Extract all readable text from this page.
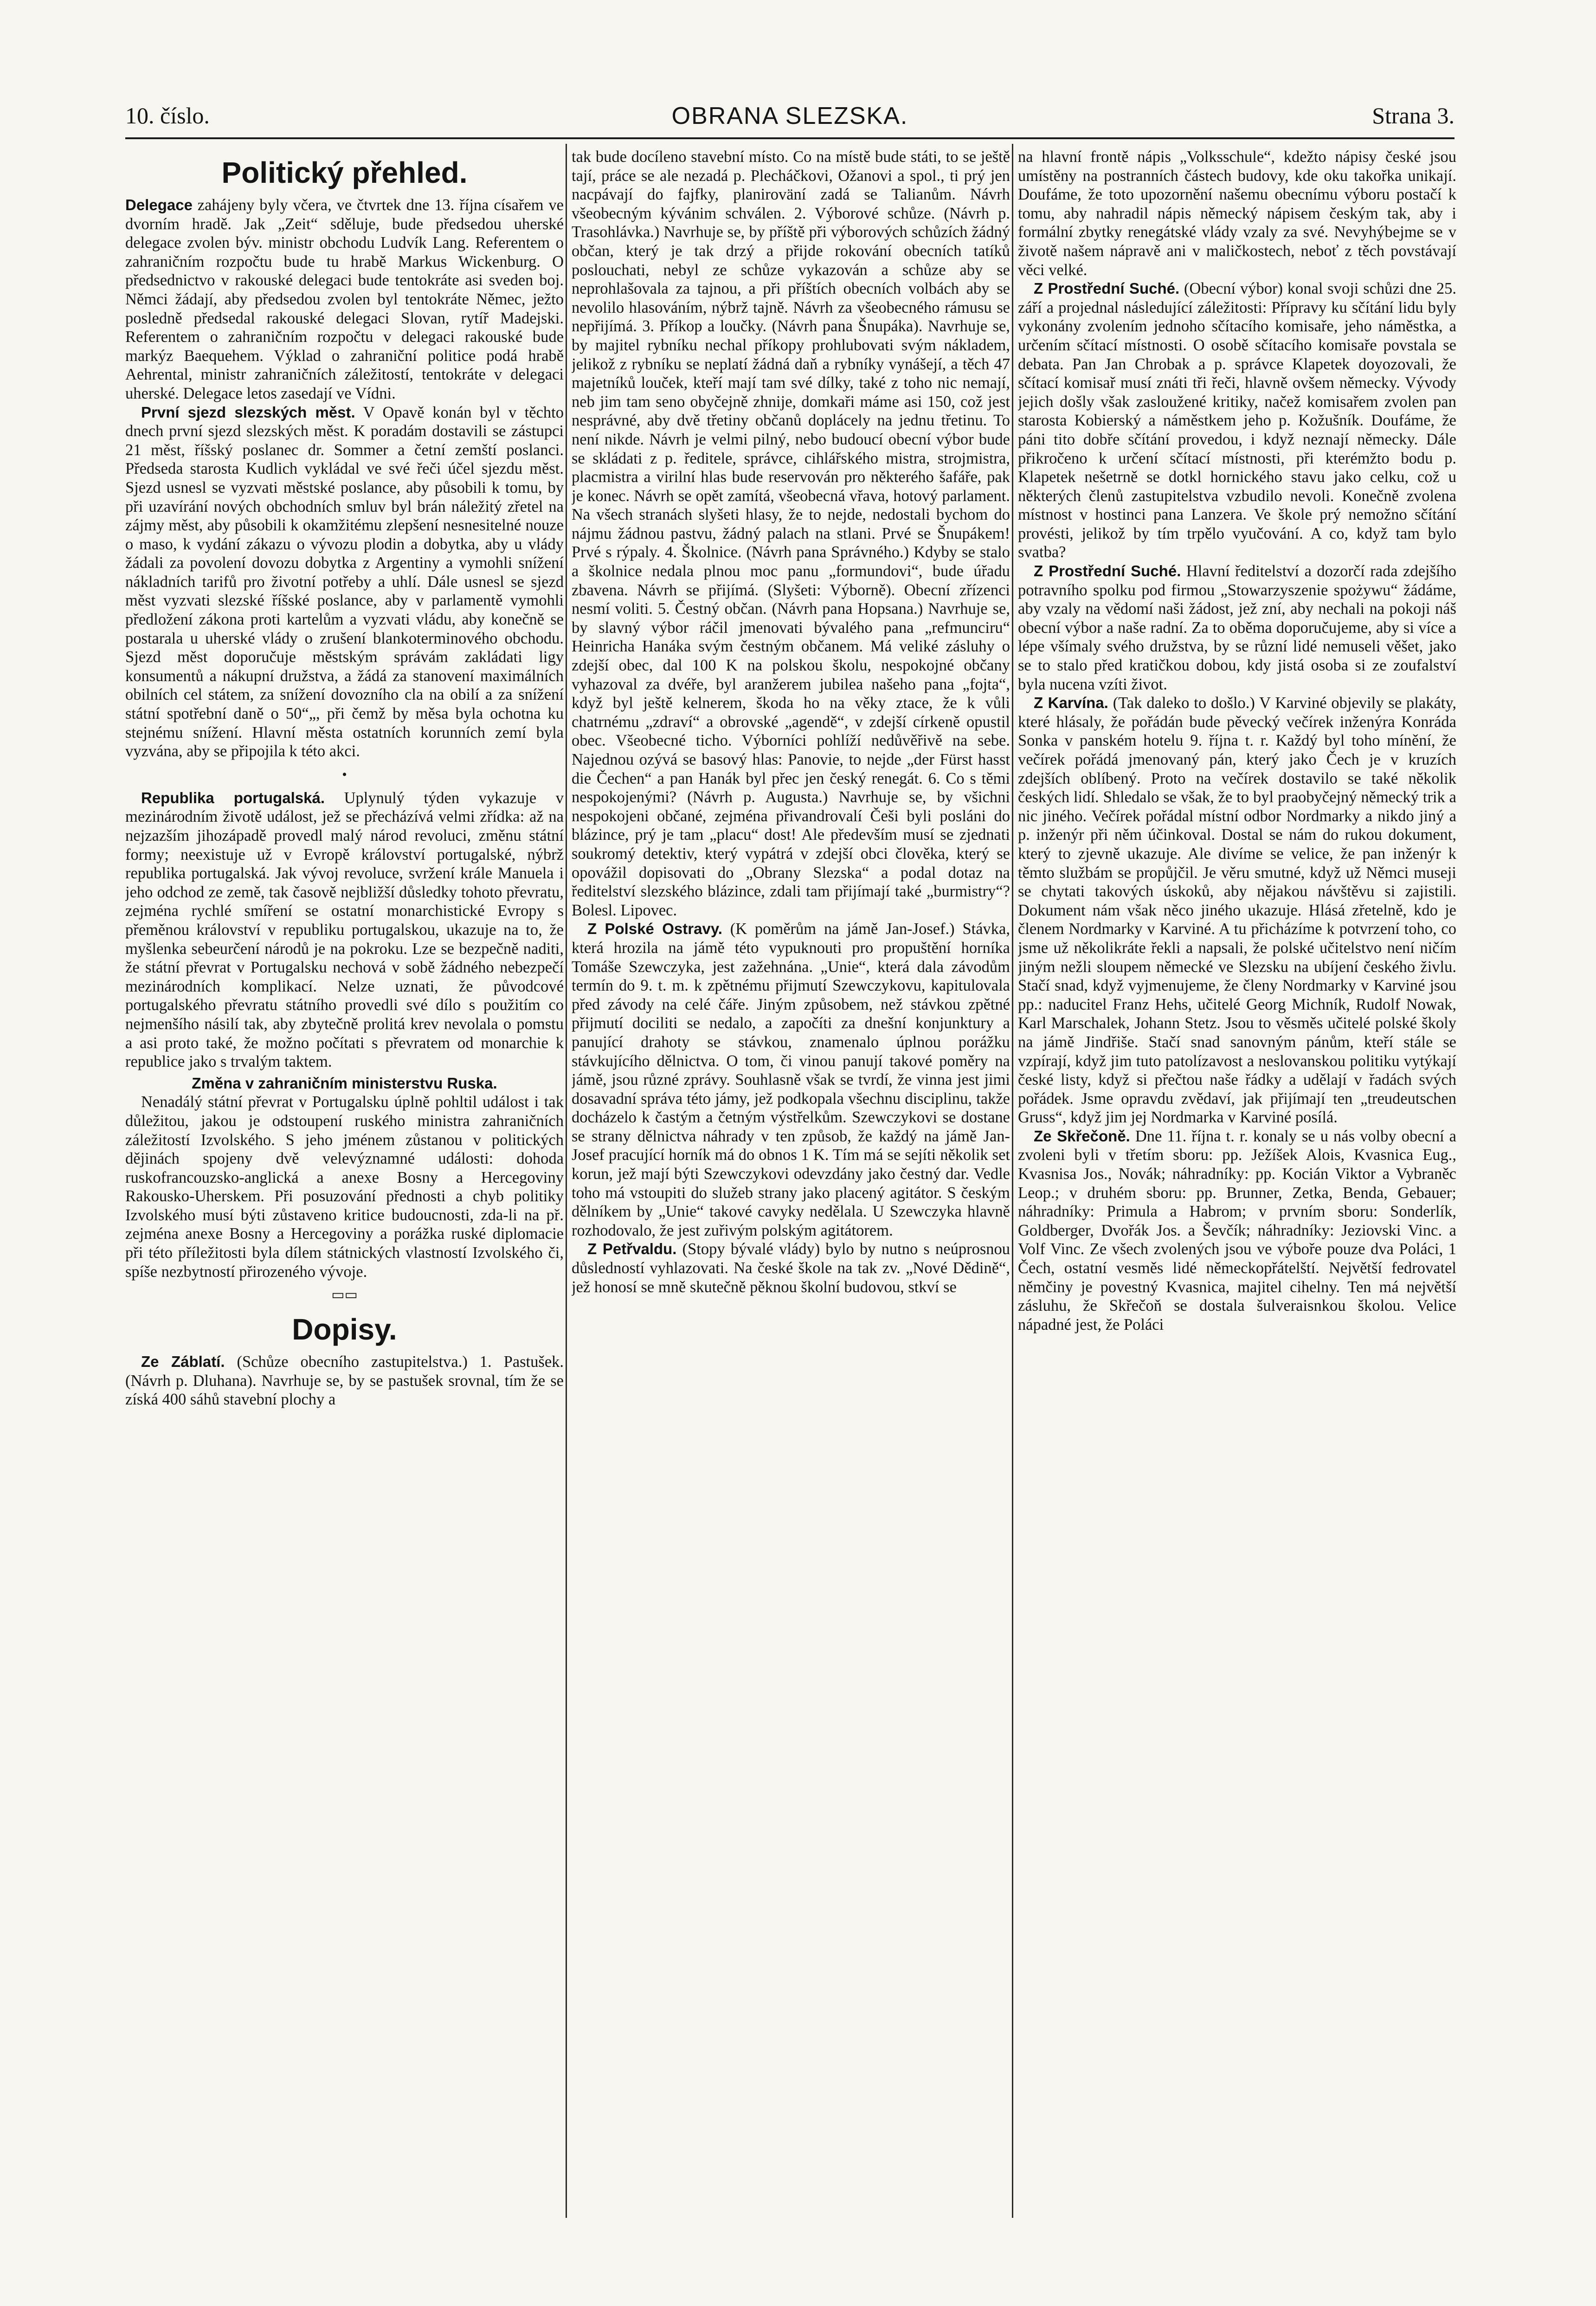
10. číslo.	OBRANA SLEZSKA.	Strana 3.
Politický přehled.

Delegace zahájeny byly včera, ve čtvrtek dne 13. října císařem ve dvorním hradě. Jak „Zeit“ sděluje, bude předsedou uherské delegace zvolen býv. ministr obchodu Ludvík Lang. Referentem o zahraničním rozpočtu bude tu hrabě Markus Wickenburg. O předsednictvo v rakouské delegaci bude tentokráte asi sveden boj. Němci žádají, aby předsedou zvolen byl tentokráte Němec, ježto posledně předsedal rakouské delegaci Slovan, rytíř Madejski. Referentem o zahraničním rozpočtu v delegaci rakouské bude markýz Baequehem. Výklad o zahraniční politice podá hrabě Aehrental, ministr zahraničních záležitostí, tentokráte v delegaci uherské. Delegace letos zasedají ve Vídni.

První sjezd slezských měst. V Opavě konán byl v těchto dnech první sjezd slezských měst. K poradám dostavili se zástupci 21 měst, říšský poslanec dr. Sommer a četní zemští poslanci. Předseda starosta Kudlich vykládal ve své řeči účel sjezdu měst. Sjezd usnesl se vyzvati městské poslance, aby působili k tomu, by při uzavírání nových obchodních smluv byl brán náležitý zřetel na zájmy měst, aby působili k okamžitému zlepšení nesnesitelné nouze o maso, k vydání zákazu o vývozu plodin a dobytka, aby u vlády žádali za povolení dovozu dobytka z Argentiny a vymohli snížení nákladních tarifů pro životní potřeby a uhlí. Dále usnesl se sjezd měst vyzvati slezské říšské poslance, aby v parlamentě vymohli předložení zákona proti kartelům a vyzvati vládu, aby konečně se postarala u uherské vlády o zrušení blankoterminového obchodu. Sjezd měst doporučuje městským správám zakládati ligy konsumentů a nákupní družstva, a žádá za stanovení maximálních obilních cel státem, za snížení dovozního cla na obilí a za snížení státní spotřební daně o 50“„, při čemž by měsa byla ochotna ku stejnému snížení. Hlavní města ostatních korunních zemí byla vyzvána, aby se připojila k této akci.

•

Republika portugalská. Uplynulý týden vykazuje v mezinárodním životě událost, jež se přecházívá velmi zřídka: až na nejzazším jihozápadě provedl malý národ revoluci, změnu státní formy; neexistuje už v Evropě království portugalské, nýbrž republika portugalská. Jak vývoj revoluce, svržení krále Manuela i jeho odchod ze země, tak časově nejbližší důsledky tohoto převratu, zejména rychlé smíření se ostatní monarchistické Evropy s přeměnou království v republiku portugalskou, ukazuje na to, že myšlenka sebeurčení národů je na pokroku. Lze se bezpečně naditi, že státní převrat v Portugalsku nechová v sobě žádného nebezpečí mezinárodních komplikací. Nelze uznati, že původcové portugalského převratu státního provedli své dílo s použitím co nejmenšího násilí tak, aby zbytečně prolitá krev nevolala o pomstu a asi proto také, že možno počítati s převratem od monarchie k republice jako s trvalým taktem.

Změna v zahraničním ministerstvu Ruska.

Nenadálý státní převrat v Portugalsku úplně pohltil událost i tak důležitou, jakou je odstoupení ruského ministra zahraničních záležitostí Izvolského. S jeho jménem zůstanou v politických dějinách spojeny dvě velevýznamné události: dohoda ruskofrancouzsko-anglická a anexe Bosny a Hercegoviny Rakousko-Uherskem. Při posuzování přednosti a chyb politiky Izvolského musí býti zůstaveno kritice budoucnosti, zda-li na př. zejména anexe Bosny a Hercegoviny a porážka ruské diplomacie při této příležitosti byla dílem státnických vlastností Izvolského či, spíše nezbytností přirozeného vývoje.

▭▭
Dopisy.

Ze Záblatí. (Schůze obecního zastupitelstva.) 1. Pastušek. (Návrh p. Dluhana). Navrhuje se, by se pastušek srovnal, tím že se získá 400 sáhů stavební plochy a

tak bude docíleno stavební místo. Co na místě bude státi, to se ještě tají, práce se ale nezadá p. Plecháčkovi, Ožanovi a spol., ti prý jen nacpávají do fajfky, planiroväní zadá se Talianům. Návrh všeobecným kývánim schválen. 2. Výborové schůze. (Návrh p. Trasohlávka.) Navrhuje se, by příště při výborových schůzích žádný občan, který je tak drzý a přijde rokování obecních tatíků poslouchati, nebyl ze schůze vykazován a schůze aby se neprohlašovala za tajnou, a při příštích obecních volbách aby se nevolilo hlasováním, nýbrž tajně. Návrh za všeobecného rámusu se nepřijímá. 3. Příkop a loučky. (Návrh pana Šnupáka). Navrhuje se, by majitel rybníku nechal příkopy prohlubovati svým nákladem, jelikož z rybníku se neplatí žádná daň a rybníky vynášejí, a těch 47 majetníků louček, kteří mají tam své dílky, také z toho nic nemají, neb jim tam seno obyčejně zhnije, domkaři máme asi 150, což jest nesprávné, aby dvě třetiny občanů doplácely na jednu třetinu. To není nikde. Návrh je velmi pilný, nebo budoucí obecní výbor bude se skládati z p. ředitele, správce, cihlářského mistra, strojmistra, placmistra a virilní hlas bude reservován pro některého šafáře, pak je konec. Návrh se opět zamítá, všeobecná vřava, hotový parlament. Na všech stranách slyšeti hlasy, že to nejde, nedostali bychom do nájmu žádnou pastvu, žádný palach na stlani. Prvé se Šnupákem! Prvé s rýpaly. 4. Školnice. (Návrh pana Správného.) Kdyby se stalo a školnice nedala plnou moc panu „formundovi“, bude úřadu zbavena. Návrh se přijímá. (Slyšeti: Výborně). Obecní zřízenci nesmí voliti. 5. Čestný občan. (Návrh pana Hopsana.) Navrhuje se, by slavný výbor ráčil jmenovati bývalého pana „refmunciru“ Heinricha Hanáka svým čestným občanem. Má veliké zásluhy o zdejší obec, dal 100 K na polskou školu, nespokojné občany vyhazoval za dvéře, byl aranžerem jubilea našeho pana „fojta“, když byl ještě kelnerem, škoda ho na věky ztace, že k vůli chatrnému „zdraví“ a obrovské „agendě“, v zdejší církeně opustil obec. Všeobecné ticho. Výborníci pohlíží nedůvěřivě na sebe. Najednou ozývá se basový hlas: Panovie, to nejde „der Fürst hasst die Čechen“ a pan Hanák byl přec jen český renegát. 6. Co s těmi nespokojenými? (Návrh p. Augusta.) Navrhuje se, by všichni nespokojeni občané, zejména přivandrovalí Češi byli posláni do blázince, prý je tam „placu“ dost! Ale především musí se zjednati soukromý detektiv, který vypátrá v zdejší obci člověka, který se opovážil dopisovati do „Obrany Slezska“ a podal dotaz na ředitelství slezského blázince, zdali tam přijímají také „burmistry“? Bolesl. Lipovec.

Z Polské Ostravy. (K poměrům na jámě Jan-Josef.) Stávka, která hrozila na jámě této vypuknouti pro propuštění horníka Tomáše Szewczyka, jest zažehnána. „Unie“, která dala závodům termín do 9. t. m. k zpětnému přijmutí Szewczykovu, kapitulovala před závody na celé čáře. Jiným způsobem, než stávkou zpětné přijmutí dociliti se nedalo, a započíti za dnešní konjunktury a panující drahoty se stávkou, znamenalo úplnou porážku stávkujícího dělnictva. O tom, či vinou panují takové poměry na jámě, jsou různé zprávy. Souhlasně však se tvrdí, že vinna jest jimi dosavadní správa této jámy, jež podkopala všechnu disciplinu, takže docházelo k častým a četným výstřelkům. Szewczykovi se dostane se strany dělnictva náhrady v ten způsob, že každý na jámě Jan-Josef pracující horník má do obnos 1 K. Tím má se sejíti několik set korun, jež mají býti Szewczykovi odevzdány jako čestný dar. Vedle toho má vstoupiti do služeb strany jako placený agitátor. S českým dělníkem by „Unie“ takové cavyky nedělala. U Szewczyka hlavně rozhodovalo, že jest zuřivým polským agitátorem.

Z Petřvaldu. (Stopy bývalé vlády) bylo by nutno s neúprosnou důsledností vyhlazovati. Na české škole na tak zv. „Nové Dědině“, jež honosí se mně skutečně pěknou školní budovou, stkví se

na hlavní frontě nápis „Volksschule“, kdežto nápisy české jsou umístěny na postranních částech budovy, kde oku takořka unikají. Doufáme, že toto upozornění našemu obecnímu výboru postačí k tomu, aby nahradil nápis německý nápisem českým tak, aby i formální zbytky renegátské vlády vzaly za své. Nevyhýbejme se v životě našem nápravě ani v maličkostech, neboť z těch povstávají věci velké.

Z Prostřední Suché. (Obecní výbor) konal svoji schůzi dne 25. září a projednal následující záležitosti: Přípravy ku sčítání lidu byly vykonány zvolením jednoho sčítacího komisaře, jeho náměstka, a určením sčítací místnosti. O osobě sčítacího komisaře povstala se debata. Pan Jan Chrobak a p. správce Klapetek doyozovali, že sčítací komisař musí znáti tři řeči, hlavně ovšem německy. Vývody jejich došly však zasloužené kritiky, načež komisařem zvolen pan starosta Kobierský a náměstkem jeho p. Kožušník. Doufáme, že páni tito dobře sčítání provedou, i když neznají německy. Dále přikročeno k určení sčítací místnosti, při kterémžto bodu p. Klapetek nešetrně se dotkl hornického stavu jako celku, což u některých členů zastupitelstva vzbudilo nevoli. Konečně zvolena místnost v hostinci pana Lanzera. Ve škole prý nemožno sčítání provésti, jelikož by tím trpělo vyučování. A co, když tam bylo svatba?

Z Prostřední Suché. Hlavní ředitelství a dozorčí rada zdejšího potravního spolku pod firmou „Stowarzyszenie spożywu“ žádáme, aby vzaly na vědomí naši žádost, jež zní, aby nechali na pokoji náš obecní výbor a naše radní. Za to oběma doporučujeme, aby si více a lépe všímaly svého družstva, by se různí lidé nemuseli věšet, jako se to stalo před kratičkou dobou, kdy jistá osoba si ze zoufalství byla nucena vzíti život.

Z Karvína. (Tak daleko to došlo.) V Karviné objevily se plakáty, které hlásaly, že pořádán bude pěvecký večírek inženýra Konráda Sonka v panském hotelu 9. října t. r. Každý byl toho mínění, že večírek pořádá jmenovaný pán, který jako Čech je v kruzích zdejších oblíbený. Proto na večírek dostavilo se také několik českých lidí. Shledalo se však, že to byl praobyčejný německý trik a nic jiného. Večírek pořádal místní odbor Nordmarky a nikdo jiný a p. inženýr při něm účinkoval. Dostal se nám do rukou dokument, který to zjevně ukazuje. Ale divíme se velice, že pan inženýr k těmto službám se propůjčil. Je věru smutné, když už Němci museji se chytati takových úskoků, aby nějakou návštěvu si zajistili. Dokument nám však něco jiného ukazuje. Hlásá zřetelně, kdo je členem Nordmarky v Karviné. A tu přicházíme k potvrzení toho, co jsme už několikráte řekli a napsali, že polské učitelstvo není ničím jiným nežli sloupem německé ve Slezsku na ubíjení českého živlu. Stačí snad, když vyjmenujeme, že členy Nordmarky v Karviné jsou pp.: naducitel Franz Hehs, učitelé Georg Michník, Rudolf Nowak, Karl Marschalek, Johann Stetz. Jsou to věsměs učitelé polské školy na jámě Jindřiše. Stačí snad sanovným pánům, kteří stále se vzpírají, když jim tuto patolízavost a neslovanskou politiku vytýkají české listy, když si přečtou naše řádky a udělají v řadách svých pořádek. Jsme opravdu zvědaví, jak přijímají ten „treudeutschen Gruss“, když jim jej Nordmarka v Karviné posílá.

Ze Skřečoně. Dne 11. října t. r. konaly se u nás volby obecní a zvoleni byli v třetím sboru: pp. Ježíšek Alois, Kvasnica Eug., Kvasnisa Jos., Novák; náhradníky: pp. Kocián Viktor a Vybraněc Leop.; v druhém sboru: pp. Brunner, Zetka, Benda, Gebauer; náhradníky: Primula a Habrom; v prvním sboru: Sonderlík, Goldberger, Dvořák Jos. a Ševčík; náhradníky: Jeziovski Vinc. a Volf Vinc. Ze všech zvolených jsou ve výboře pouze dva Poláci, 1 Čech, ostatní vesměs lidé německopřátelští. Největší fedrovatel němčiny je povestný Kvasnica, majitel cihelny. Ten má největší zásluhu, že Skřečoň se dostala šulveraisnkou školou. Velice nápadné jest, že Poláci
